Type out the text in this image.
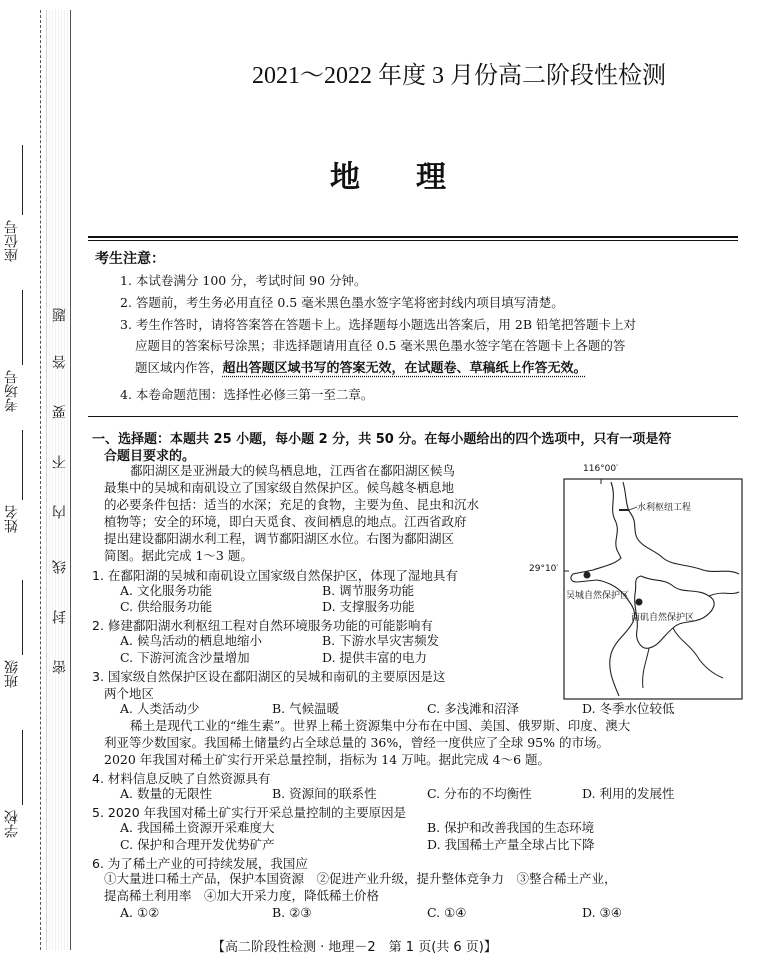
座位号
考场号
姓名
班级
学校
题
答
要
不
内
线
封
密
2021～2022 年度 3 月份高二阶段性检测
地理
考生注意：
1. 本试卷满分 100 分，考试时间 90 分钟。
2. 答题前，考生务必用直径 0.5 毫米黑色墨水签字笔将密封线内项目填写清楚。
3. 考生作答时，请将答案答在答题卡上。选择题每小题选出答案后，用 2B 铅笔把答题卡上对
应题目的答案标号涂黑；非选择题请用直径 0.5 毫米黑色墨水签字笔在答题卡上各题的答
题区域内作答，超出答题区域书写的答案无效，在试题卷、草稿纸上作答无效。
4. 本卷命题范围：选择性必修三第一至二章。
一、选择题：本题共 25 小题，每小题 2 分，共 50 分。在每小题给出的四个选项中，只有一项是符
合题目要求的。
鄱阳湖区是亚洲最大的候鸟栖息地，江西省在鄱阳湖区候鸟
最集中的吴城和南矶设立了国家级自然保护区。候鸟越冬栖息地
的必要条件包括：适当的水深；充足的食物，主要为鱼、昆虫和沉水
植物等；安全的环境，即白天觅食、夜间栖息的地点。江西省政府
提出建设鄱阳湖水利工程，调节鄱阳湖区水位。右图为鄱阳湖区
简图。据此完成 1～3 题。
1. 在鄱阳湖的吴城和南矶设立国家级自然保护区，体现了湿地具有
A. 文化服务功能	B. 调节服务功能
C. 供给服务功能	D. 支撑服务功能
2. 修建鄱阳湖水利枢纽工程对自然环境服务功能的可能影响有
A. 候鸟活动的栖息地缩小	B. 下游水旱灾害频发
C. 下游河流含沙量增加	D. 提供丰富的电力
3. 国家级自然保护区设在鄱阳湖区的吴城和南矶的主要原因是这
两个地区
A. 人类活动少	B. 气候温暖	C. 多浅滩和沼泽	D. 冬季水位较低
稀土是现代工业的“维生素”。世界上稀土资源集中分布在中国、美国、俄罗斯、印度、澳大
利亚等少数国家。我国稀土储量约占全球总量的 36%，曾经一度供应了全球 95% 的市场。
2020 年我国对稀土矿实行开采总量控制，指标为 14 万吨。据此完成 4～6 题。
4. 材料信息反映了自然资源具有
A. 数量的无限性	B. 资源间的联系性	C. 分布的不均衡性	D. 利用的发展性
5. 2020 年我国对稀土矿实行开采总量控制的主要原因是
A. 我国稀土资源开采难度大	B. 保护和改善我国的生态环境
C. 保护和合理开发优势矿产	D. 我国稀土产量全球占比下降
6. 为了稀土产业的可持续发展，我国应
①大量进口稀土产品，保护本国资源　②促进产业升级，提升整体竞争力　③整合稀土产业，
提高稀土利用率　④加大开采力度，降低稀土价格
A. ①②	B. ②③	C. ①④	D. ③④
116°00′
29°10′
水利枢纽工程
吴城自然保护区
南矶自然保护区
【高二阶段性检测 · 地理－2　第 1 页(共 6 页)】
